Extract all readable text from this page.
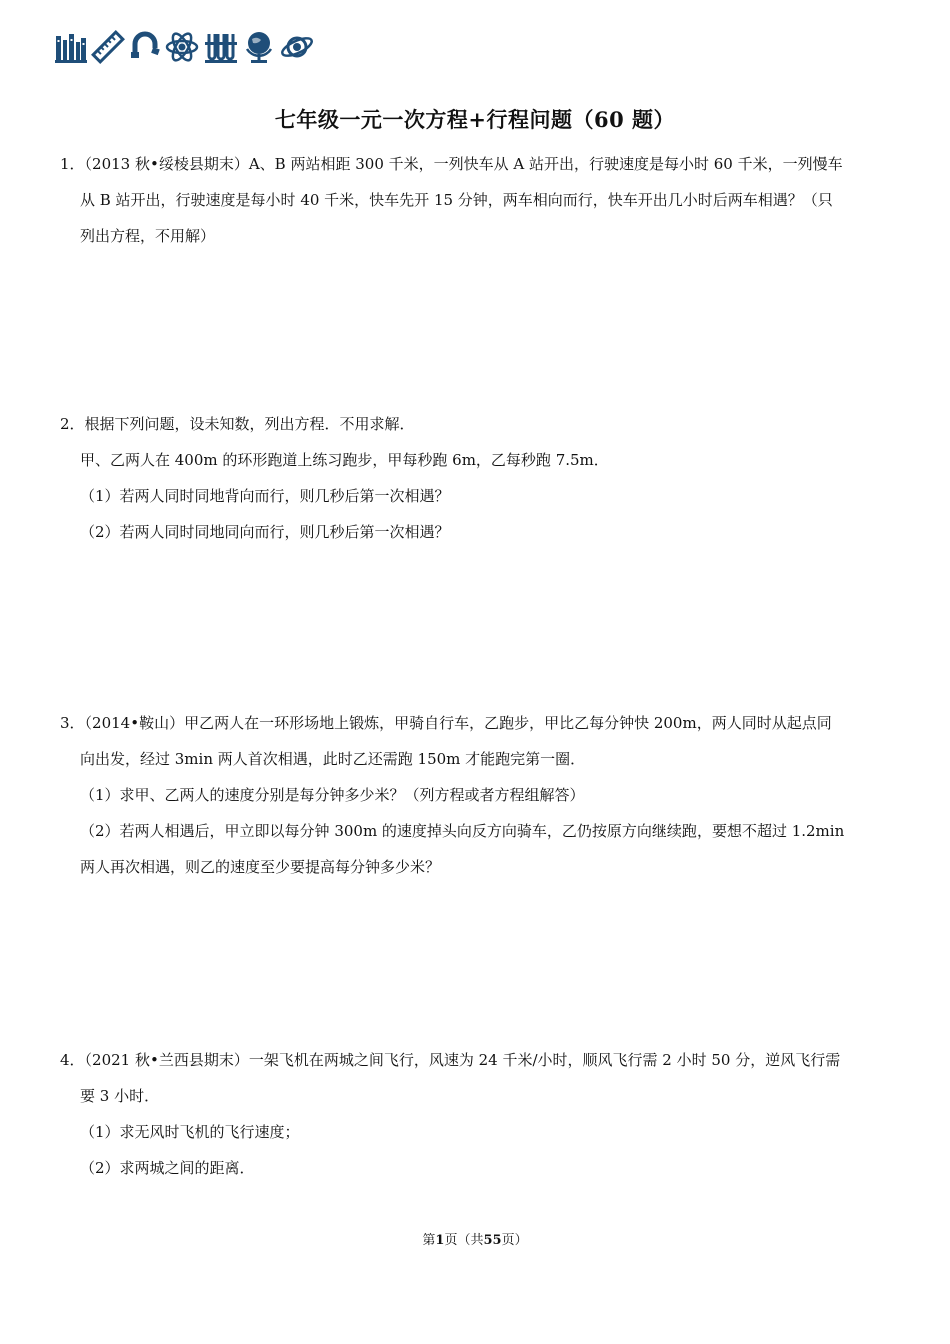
七年级一元一次方程+行程问题（60 题）
1．（2013 秋•绥棱县期末）A、B 两站相距 300 千米，一列快车从 A 站开出，行驶速度是每小时 60 千米，一列慢车
从 B 站开出，行驶速度是每小时 40 千米，快车先开 15 分钟，两车相向而行，快车开出几小时后两车相遇？（只
列出方程，不用解）
2．根据下列问题，设未知数，列出方程．不用求解．
甲、乙两人在 400m 的环形跑道上练习跑步，甲每秒跑 6m，乙每秒跑 7.5m．
（1）若两人同时同地背向而行，则几秒后第一次相遇？
（2）若两人同时同地同向而行，则几秒后第一次相遇？
3．（2014•鞍山）甲乙两人在一环形场地上锻炼，甲骑自行车，乙跑步，甲比乙每分钟快 200m，两人同时从起点同
向出发，经过 3min 两人首次相遇，此时乙还需跑 150m 才能跑完第一圈．
（1）求甲、乙两人的速度分别是每分钟多少米？（列方程或者方程组解答）
（2）若两人相遇后，甲立即以每分钟 300m 的速度掉头向反方向骑车，乙仍按原方向继续跑，要想不超过 1.2min
两人再次相遇，则乙的速度至少要提高每分钟多少米？
4．（2021 秋•兰西县期末）一架飞机在两城之间飞行，风速为 24 千米/小时，顺风飞行需 2 小时 50 分，逆风飞行需
要 3 小时．
（1）求无风时飞机的飞行速度；
（2）求两城之间的距离．
第1页（共55页）
